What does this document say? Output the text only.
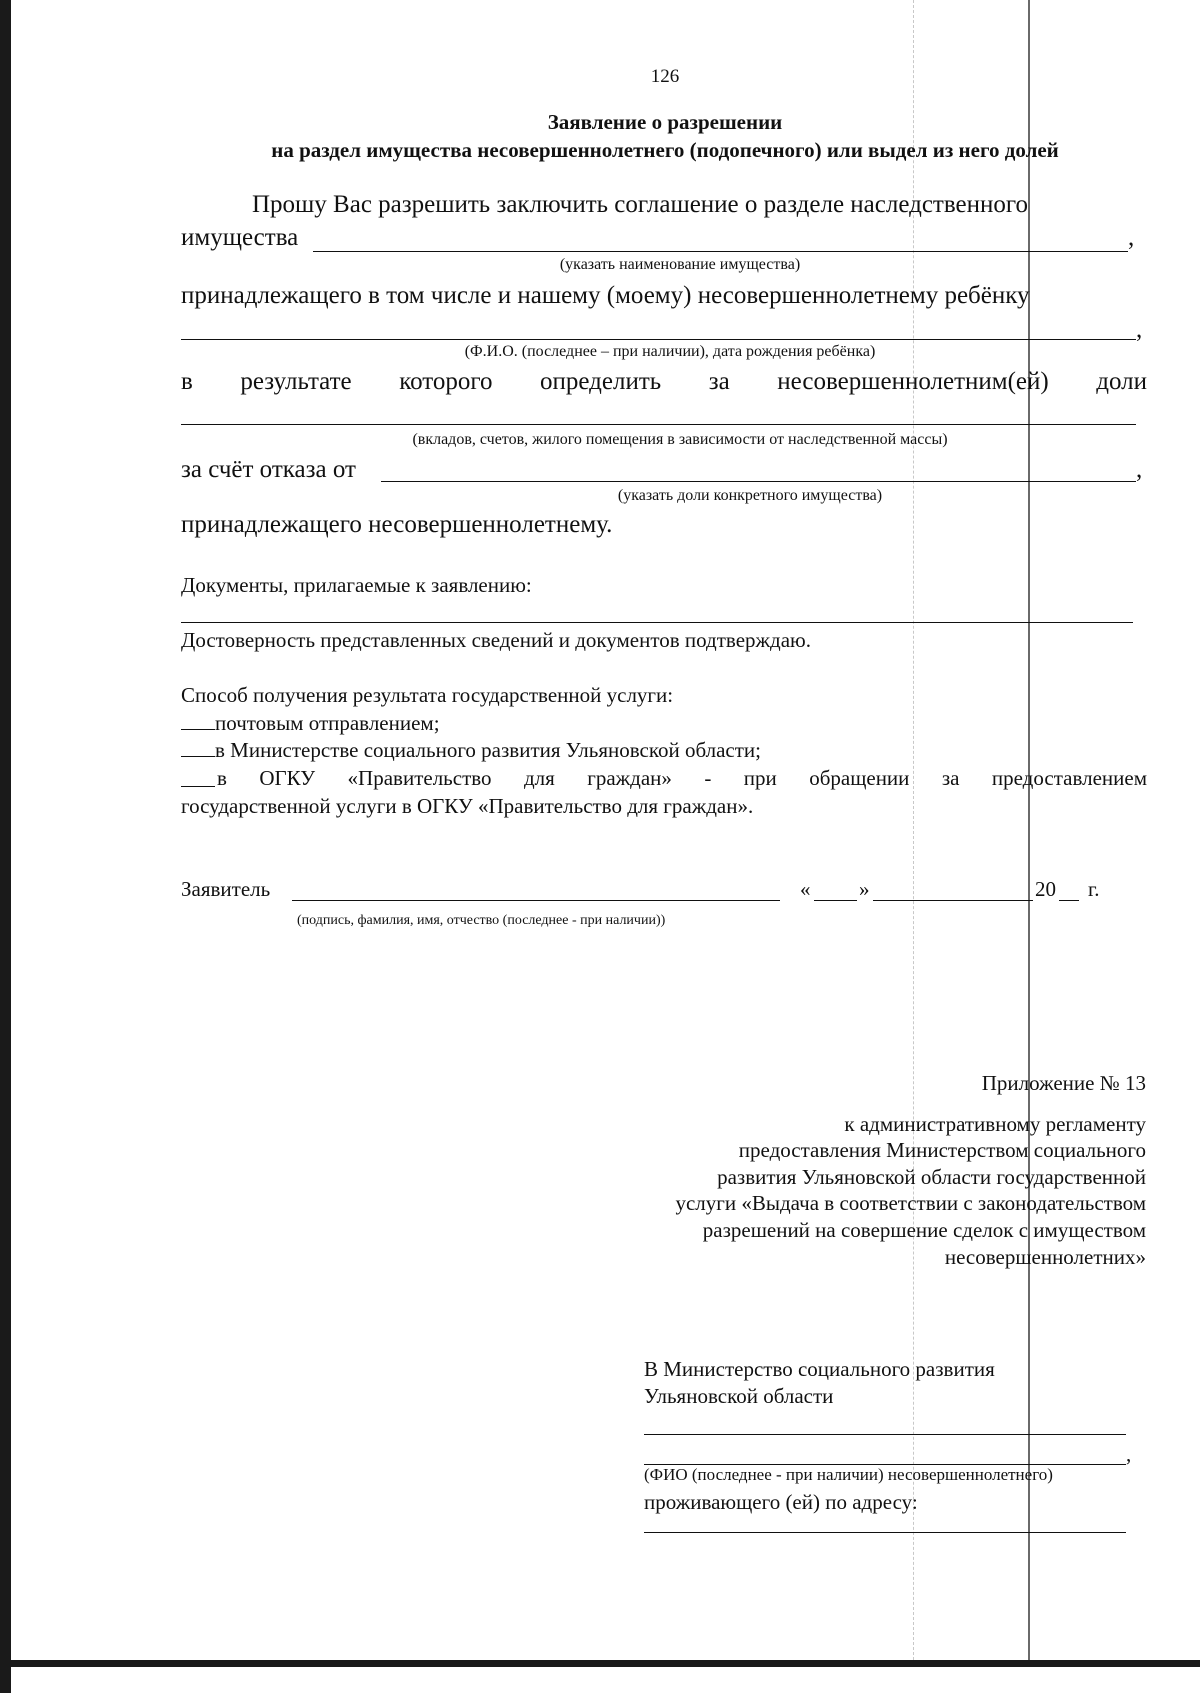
126
Заявление о разрешении
на раздел имущества несовершеннолетнего (подопечного) или выдел из него долей
Прошу Вас разрешить заключить соглашение о разделе наследственного
имущества	,
(указать наименование имущества)
принадлежащего в том числе и нашему (моему) несовершеннолетнему ребёнку
,
(Ф.И.О. (последнее – при наличии), дата рождения ребёнка)
в результате которого определить за несовершеннолетним(ей) доли
(вкладов, счетов, жилого помещения в зависимости от наследственной массы)
за счёт отказа от	,
(указать доли конкретного имущества)
принадлежащего несовершеннолетнему.
Документы, прилагаемые к заявлению:
Достоверность представленных сведений и документов подтверждаю.
Способ получения результата государственной услуги:
почтовым отправлением;
в Министерстве социального развития Ульяновской области;
в ОГКУ «Правительство для граждан» - при обращении за предоставлением
государственной услуги в ОГКУ «Правительство для граждан».
Заявитель	« »	20 г.
(подпись, фамилия, имя, отчество (последнее - при наличии))
Приложение № 13
к административному регламенту
предоставления Министерством социального
развития Ульяновской области государственной
услуги «Выдача в соответствии с законодательством
разрешений на совершение сделок с имуществом
несовершеннолетних»
В Министерство социального развития
Ульяновской области
,
(ФИО (последнее - при наличии) несовершеннолетнего)
проживающего (ей) по адресу:
